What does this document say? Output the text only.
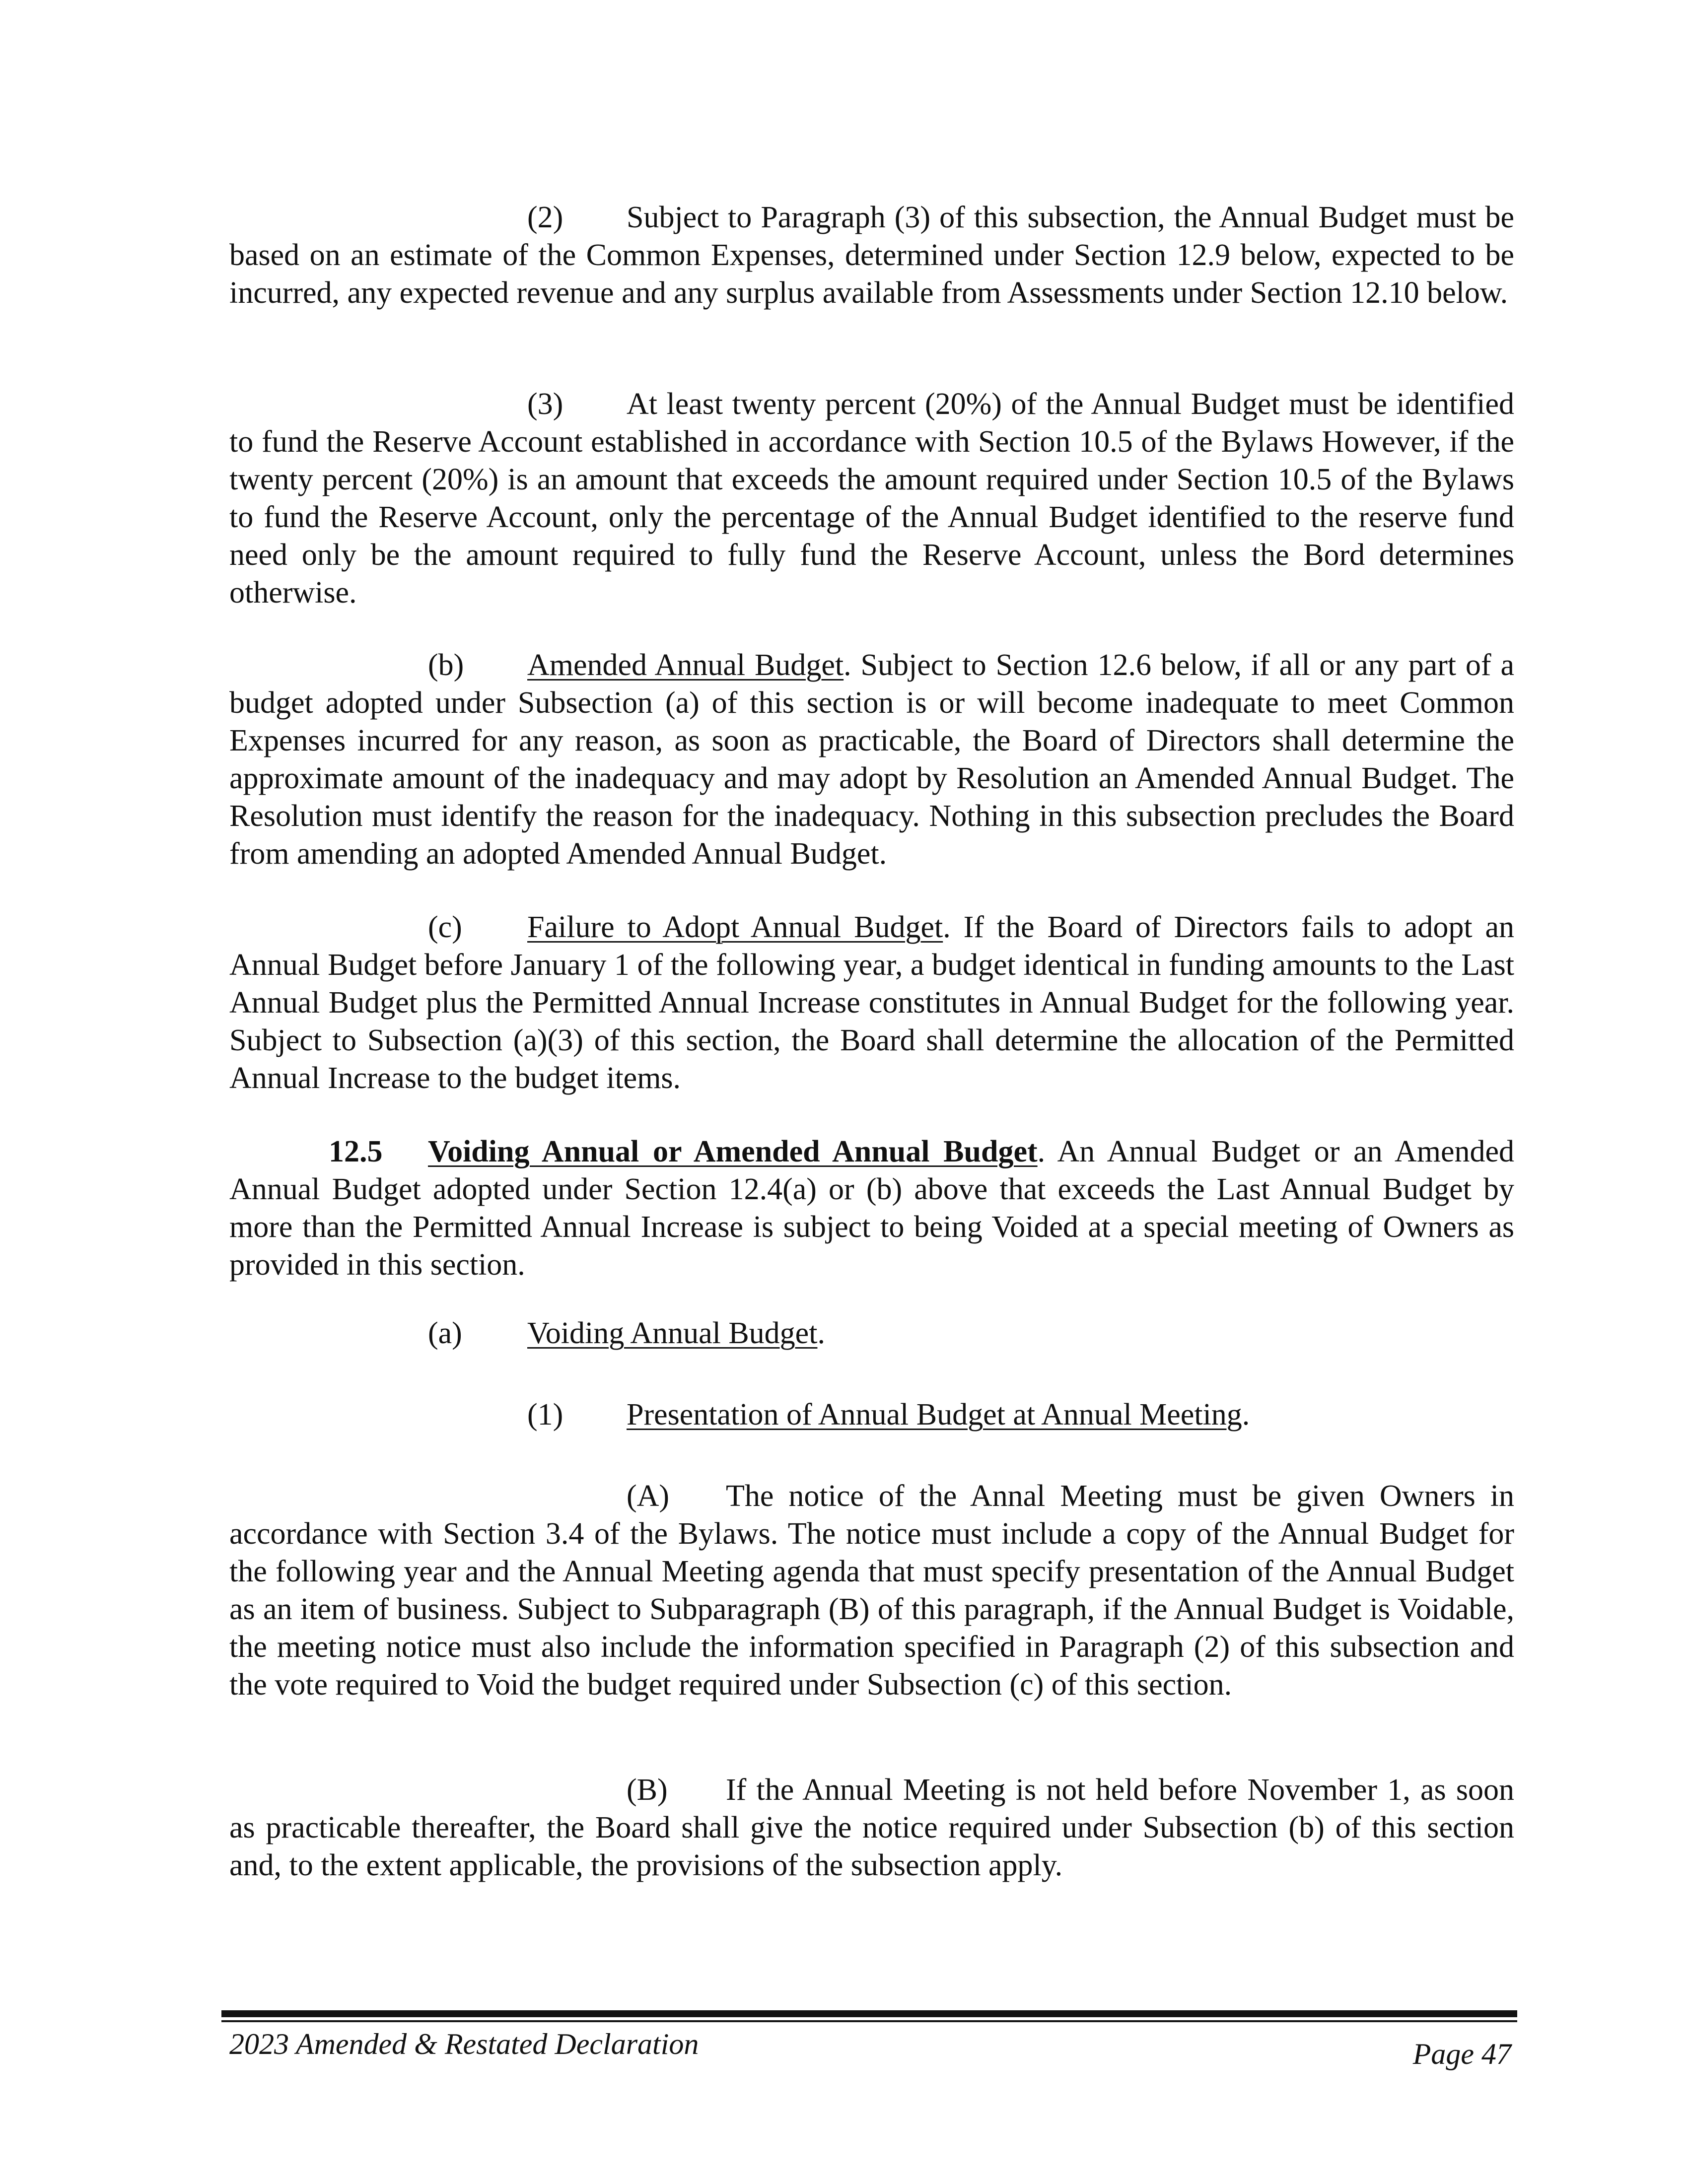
(2) Subject to Paragraph (3) of this subsection, the Annual Budget must be based on an estimate of the Common Expenses, determined under Section 12.9 below, expected to be incurred, any expected revenue and any surplus available from Assessments under Section 12.10 below.

(3) At least twenty percent (20%) of the Annual Budget must be identified to fund the Reserve Account established in accordance with Section 10.5 of the Bylaws However, if the twenty percent (20%) is an amount that exceeds the amount required under Section 10.5 of the Bylaws to fund the Reserve Account, only the percentage of the Annual Budget identified to the reserve fund need only be the amount required to fully fund the Reserve Account, unless the Bord determines otherwise.

(b) Amended Annual Budget. Subject to Section 12.6 below, if all or any part of a budget adopted under Subsection (a) of this section is or will become inadequate to meet Common Expenses incurred for any reason, as soon as practicable, the Board of Directors shall determine the approximate amount of the inadequacy and may adopt by Resolution an Amended Annual Budget. The Resolution must identify the reason for the inadequacy. Nothing in this subsection precludes the Board from amending an adopted Amended Annual Budget.

(c) Failure to Adopt Annual Budget. If the Board of Directors fails to adopt an Annual Budget before January 1 of the following year, a budget identical in funding amounts to the Last Annual Budget plus the Permitted Annual Increase constitutes in Annual Budget for the following year. Subject to Subsection (a)(3) of this section, the Board shall determine the allocation of the Permitted Annual Increase to the budget items.

12.5 Voiding Annual or Amended Annual Budget. An Annual Budget or an Amended Annual Budget adopted under Section 12.4(a) or (b) above that exceeds the Last Annual Budget by more than the Permitted Annual Increase is subject to being Voided at a special meeting of Owners as provided in this section.

(a) Voiding Annual Budget.

(1) Presentation of Annual Budget at Annual Meeting.

(A) The notice of the Annal Meeting must be given Owners in accordance with Section 3.4 of the Bylaws. The notice must include a copy of the Annual Budget for the following year and the Annual Meeting agenda that must specify presentation of the Annual Budget as an item of business. Subject to Subparagraph (B) of this paragraph, if the Annual Budget is Voidable, the meeting notice must also include the information specified in Paragraph (2) of this subsection and the vote required to Void the budget required under Subsection (c) of this section.

(B) If the Annual Meeting is not held before November 1, as soon as practicable thereafter, the Board shall give the notice required under Subsection (b) of this section and, to the extent applicable, the provisions of the subsection apply.

2023 Amended & Restated Declaration	Page 47
